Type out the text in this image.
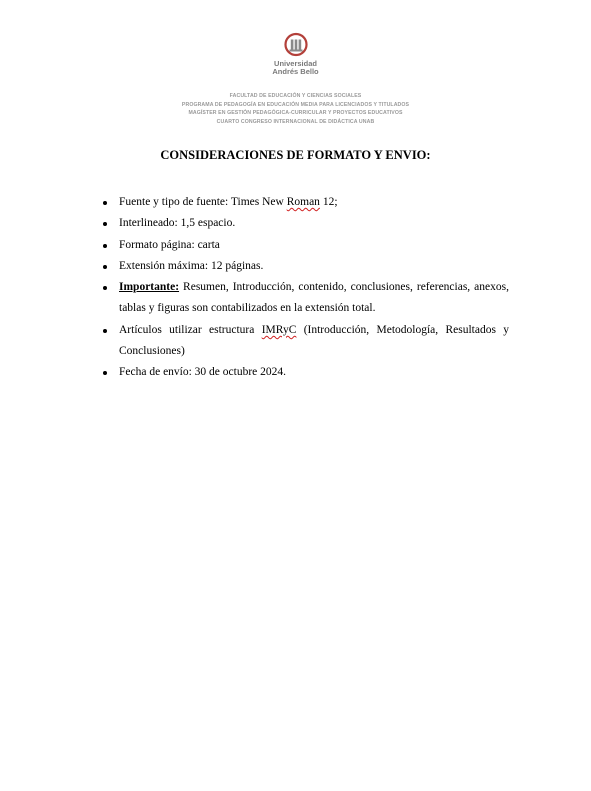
Universidad
Andrés Bello
FACULTAD DE EDUCACIÓN Y CIENCIAS SOCIALES
PROGRAMA DE PEDAGOGÍA EN EDUCACIÓN MEDIA PARA LICENCIADOS Y TITULADOS
MAGÍSTER EN GESTIÓN PEDAGÓGICA-CURRICULAR Y PROYECTOS EDUCATIVOS
CUARTO CONGRESO INTERNACIONAL DE DIDÁCTICA UNAB
CONSIDERACIONES DE FORMATO Y ENVIO:
Fuente y tipo de fuente: Times New Roman 12;
Interlineado: 1,5 espacio.
Formato página: carta
Extensión máxima: 12 páginas.
Importante: Resumen, Introducción, contenido, conclusiones, referencias, anexos, tablas y figuras son contabilizados en la extensión total.
Artículos utilizar estructura IMRyC (Introducción, Metodología, Resultados y Conclusiones)
Fecha de envío: 30 de octubre 2024.
